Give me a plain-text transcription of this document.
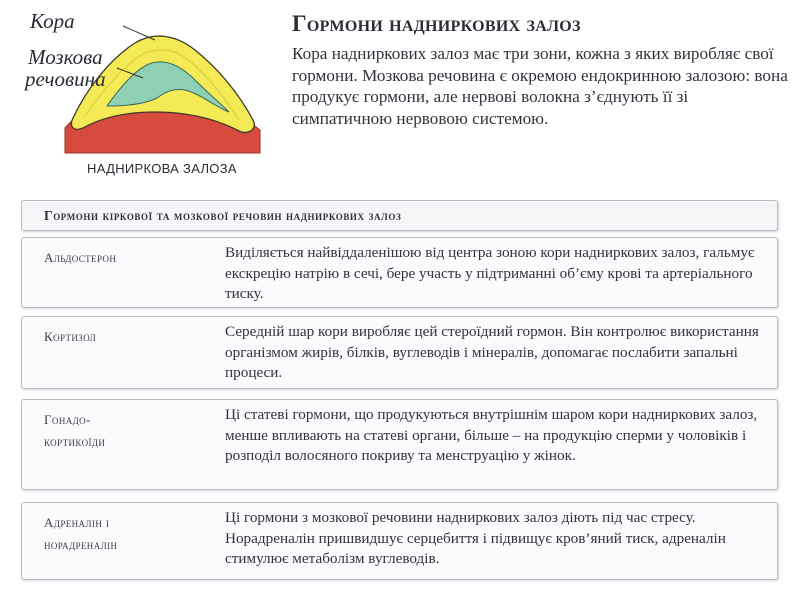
Кора
Мозкова
речовина
НАДНИРКОВА ЗАЛОЗА
Гормони надниркових залоз
Кора надниркових залоз має три зони, кожна з яких виробляє свої гормони. Мозкова речовина є окремою ендокринною залозою: вона продукує гормони, але нервові волокна з’єднують її зі симпатичною нервовою системою.
Гормони кіркової та мозкової речовин надниркових залоз
Альдостерон	Виділяється найвіддаленішою від центра зоною кори надниркових залоз, гальмує екскрецію натрію в сечі, бере участь у підтриманні об’єму крові та артеріального тиску.
Кортизол	Середній шар кори виробляє цей стероїдний гормон. Він контролює використання організмом жирів, білків, вуглеводів і мінералів, допомагає послабити запальні процеси.
Гонадо-
кортикоїди
Ці статеві гормони, що продукуються внутрішнім шаром кори надниркових залоз, менше впливають на статеві органи, більше – на продукцію сперми у чоловіків і розподіл волосяного покриву та менструацію у жінок.
Адреналін і
норадреналін
Ці гормони з мозкової речовини надниркових залоз діють під час стресу. Норадреналін пришвидшує серцебиття і підвищує кров’яний тиск, адреналін стимулює метаболізм вуглеводів.
